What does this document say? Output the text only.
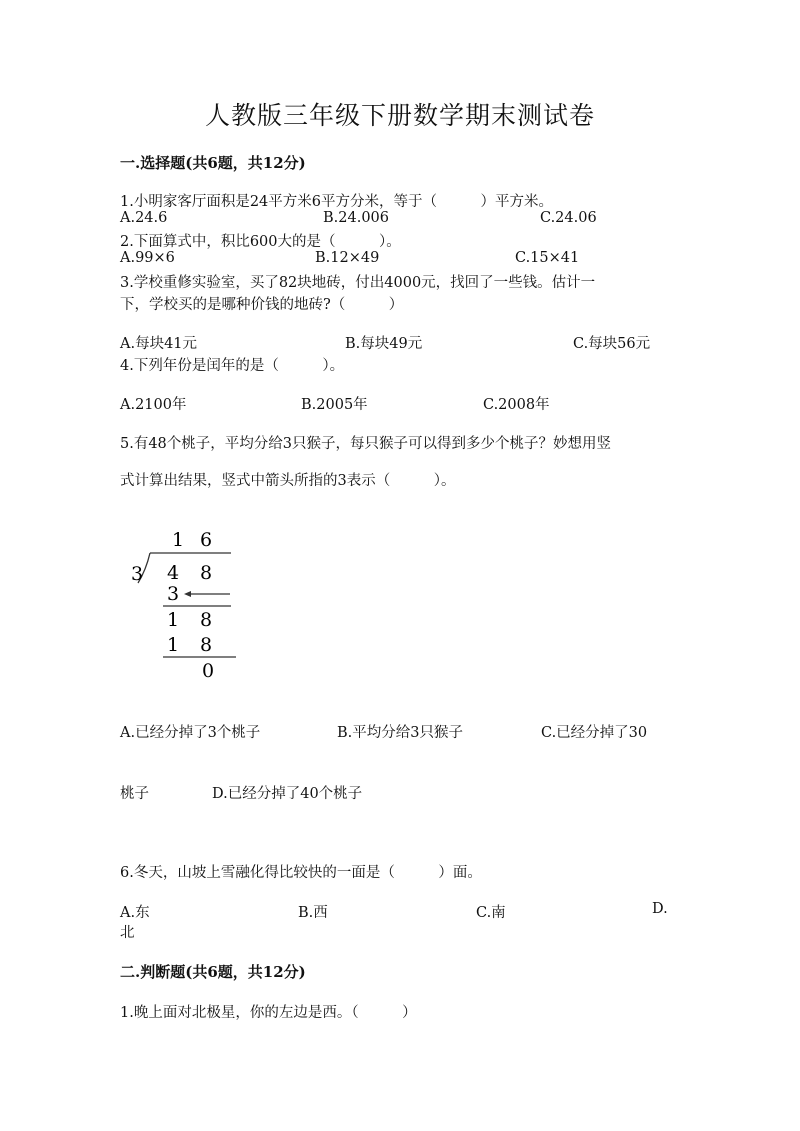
人教版三年级下册数学期末测试卷
一.选择题(共6题，共12分)
1.小明家客厅面积是24平方米6平方分米，等于（　　　）平方米。
A.24.6	B.24.006	C.24.06
2.下面算式中，积比600大的是（　　　）。
A.99×6	B.12×49	C.15×41
3.学校重修实验室，买了82块地砖，付出4000元，找回了一些钱。估计一
下，学校买的是哪种价钱的地砖?（　　　）
A.每块41元	B.每块49元	C.每块56元
4.下列年份是闰年的是（　　　）。
A.2100年	B.2005年	C.2008年
5.有48个桃子，平均分给3只猴子，每只猴子可以得到多少个桃子？妙想用竖
式计算出结果，竖式中箭头所指的3表示（　　　）。
1 6
3 4 8
3
1 8
1 8
0
A.已经分掉了3个桃子	B.平均分给3只猴子	C.已经分掉了30
桃子	D.已经分掉了40个桃子
6.冬天，山坡上雪融化得比较快的一面是（　　　）面。
A.东	B.西	C.南	D.
北
二.判断题(共6题，共12分)
1.晚上面对北极星，你的左边是西。（　　　）
